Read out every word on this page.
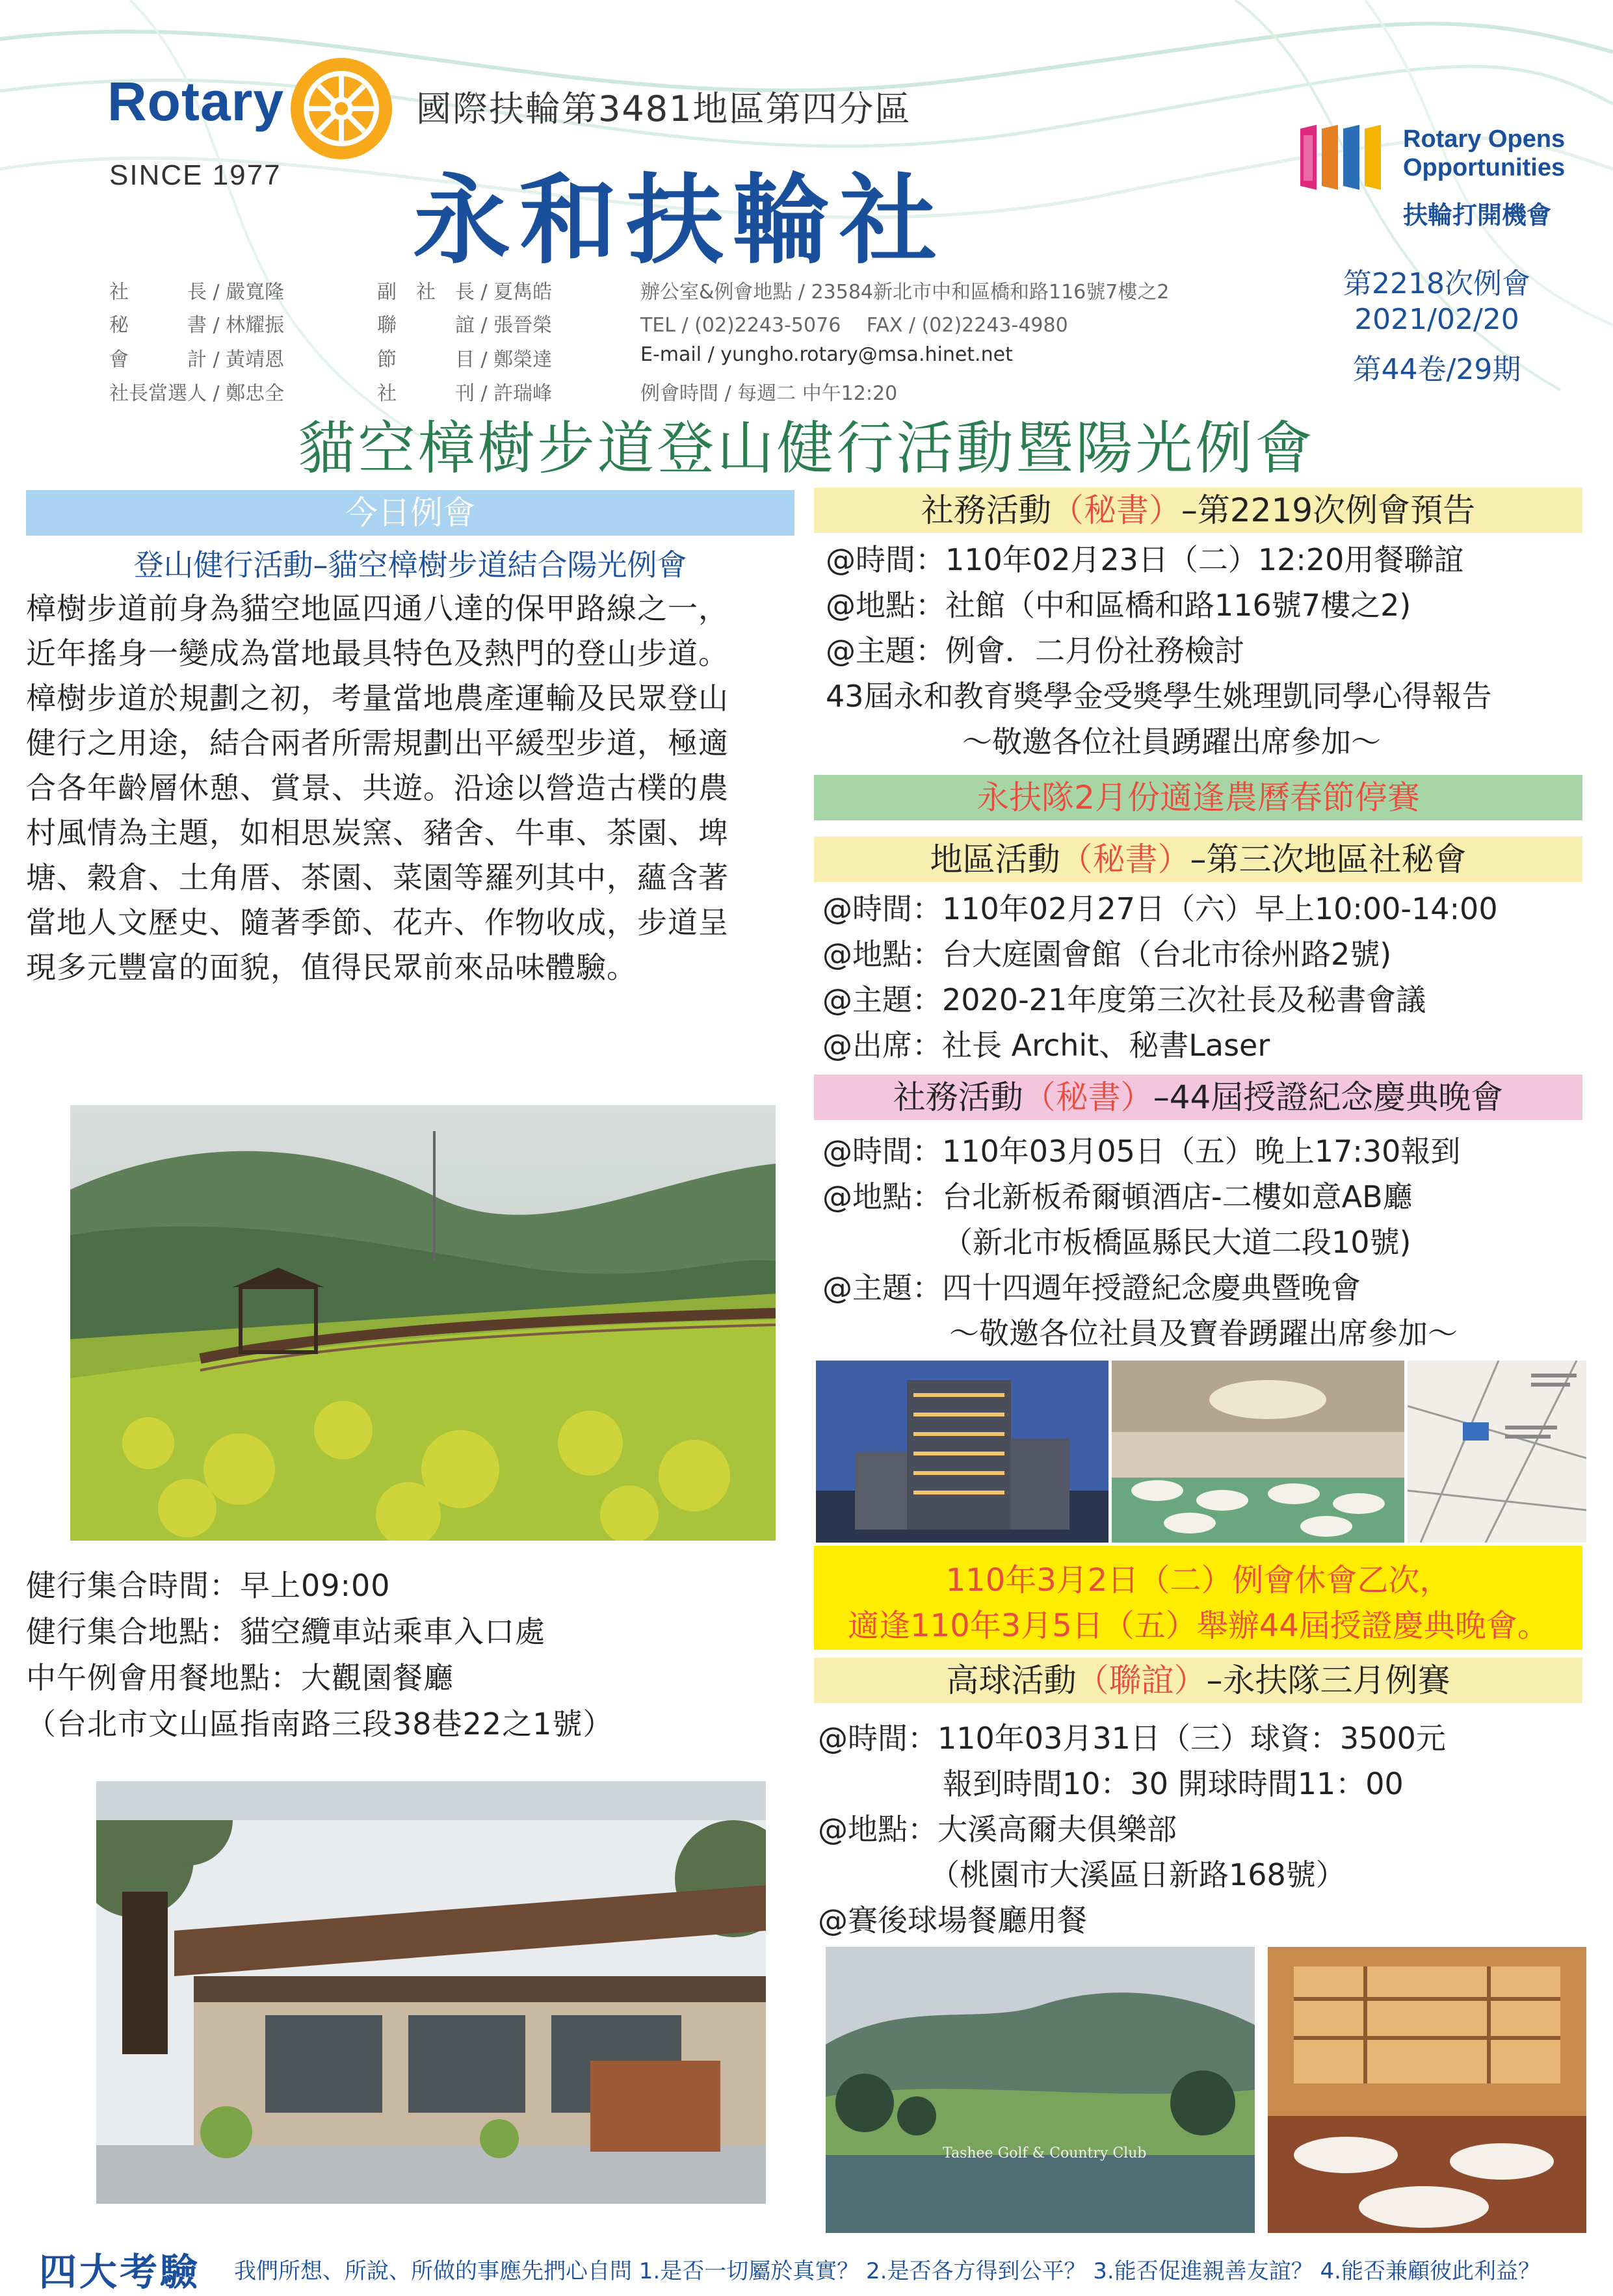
Rotary
SINCE 1977
國際扶輪第3481地區第四分區
永和扶輪社
Rotary Opens
Opportunities
扶輪打開機會
社　　　長 / 嚴寬隆	副　社　長 / 夏雋皓	辦公室&例會地點 / 23584新北市中和區橋和路116號7樓之2
秘　　　書 / 林耀振	聯　　　誼 / 張晉榮	TEL / (02)2243-5076　 FAX / (02)2243-4980
會　　　計 / 黃靖恩	節　　　目 / 鄭榮達	E-mail / yungho.rotary@msa.hinet.net
社長當選人 / 鄭忠全	社　　　刊 / 許瑞峰	例會時間 / 每週二 中午12:20
第2218次例會
2021/02/20
第44卷/29期
貓空樟樹步道登山健行活動暨陽光例會
今日例會
登山健行活動–貓空樟樹步道結合陽光例會
樟樹步道前身為貓空地區四通八達的保甲路線之一，
近年搖身一變成為當地最具特色及熱門的登山步道。
樟樹步道於規劃之初，考量當地農產運輸及民眾登山
健行之用途，結合兩者所需規劃出平緩型步道，極適
合各年齡層休憩、賞景、共遊。沿途以營造古樸的農
村風情為主題，如相思炭窯、豬舍、牛車、茶園、埤
塘、穀倉、土角厝、茶園、菜園等羅列其中，蘊含著
當地人文歷史、隨著季節、花卉、作物收成，步道呈
現多元豐富的面貌，值得民眾前來品味體驗。
健行集合時間：早上09:00
健行集合地點：貓空纜車站乘車入口處
中午例會用餐地點：大觀園餐廳
（台北市文山區指南路三段38巷22之1號）
社務活動（秘書）–第2219次例會預告
@時間：110年02月23日（二）12:20用餐聯誼
@地點：社館（中和區橋和路116號7樓之2)
@主題：例會．二月份社務檢討
43屆永和教育獎學金受獎學生姚理凱同學心得報告
～敬邀各位社員踴躍出席參加～
永扶隊2月份適逢農曆春節停賽
地區活動（秘書）–第三次地區社秘會
@時間：110年02月27日（六）早上10:00-14:00
@地點：台大庭園會館（台北市徐州路2號)
@主題：2020-21年度第三次社長及秘書會議
@出席：社長 Archit、秘書Laser
社務活動（秘書）–44屆授證紀念慶典晚會
@時間：110年03月05日（五）晚上17:30報到
@地點：台北新板希爾頓酒店-二樓如意AB廳
（新北市板橋區縣民大道二段10號)
@主題：四十四週年授證紀念慶典暨晚會
～敬邀各位社員及寶眷踴躍出席參加～
110年3月2日（二）例會休會乙次，
適逢110年3月5日（五）舉辦44屆授證慶典晚會。
高球活動（聯誼）–永扶隊三月例賽
@時間：110年03月31日（三）球資：3500元
報到時間10：30 開球時間11：00
@地點：大溪高爾夫俱樂部
（桃園市大溪區日新路168號）
@賽後球場餐廳用餐
Tashee Golf & Country Club
四大考驗 我們所想、所說、所做的事應先捫心自問 1.是否一切屬於真實？ 2.是否各方得到公平？ 3.能否促進親善友誼？ 4.能否兼顧彼此利益？
